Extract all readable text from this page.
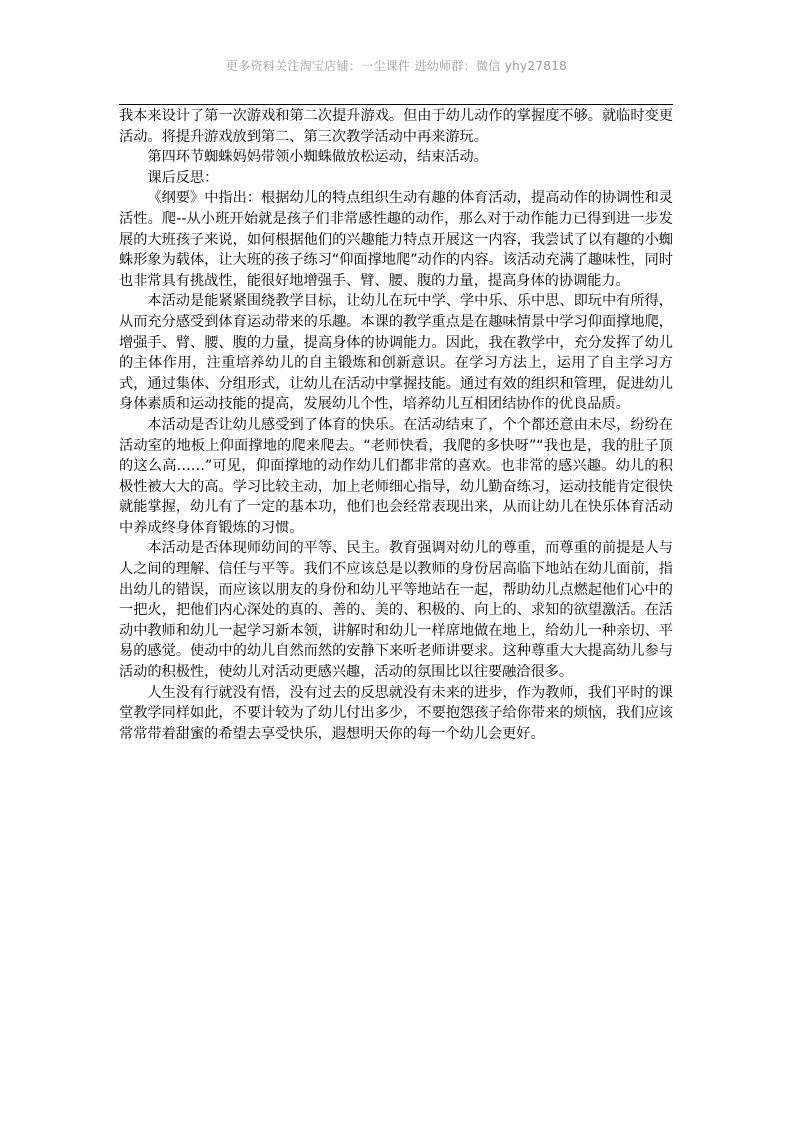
更多资料关注淘宝店铺：一尘课件 进幼师群：微信 yhy27818

我本来设计了第一次游戏和第二次提升游戏。但由于幼儿动作的掌握度不够。就临时变更活动。将提升游戏放到第二、第三次教学活动中再来游玩。

第四环节蜘蛛妈妈带领小蜘蛛做放松运动，结束活动。

课后反思：

《纲要》中指出：根据幼儿的特点组织生动有趣的体育活动，提高动作的协调性和灵活性。爬--从小班开始就是孩子们非常感性趣的动作，那么对于动作能力已得到进一步发展的大班孩子来说，如何根据他们的兴趣能力特点开展这一内容，我尝试了以有趣的小蜘蛛形象为载体，让大班的孩子练习“仰面撑地爬”动作的内容。该活动充满了趣味性，同时也非常具有挑战性，能很好地增强手、臂、腰、腹的力量，提高身体的协调能力。

本活动是能紧紧围绕教学目标，让幼儿在玩中学、学中乐、乐中思、即玩中有所得，从而充分感受到体育运动带来的乐趣。本课的教学重点是在趣味情景中学习仰面撑地爬，增强手、臂、腰、腹的力量，提高身体的协调能力。因此，我在教学中，充分发挥了幼儿的主体作用，注重培养幼儿的自主锻炼和创新意识。在学习方法上，运用了自主学习方式，通过集体、分组形式，让幼儿在活动中掌握技能。通过有效的组织和管理，促进幼儿身体素质和运动技能的提高，发展幼儿个性，培养幼儿互相团结协作的优良品质。

本活动是否让幼儿感受到了体育的快乐。在活动结束了，个个都还意由未尽，纷纷在活动室的地板上仰面撑地的爬来爬去。“老师快看，我爬的多快呀”“我也是，我的肚子顶的这么高……”可见，仰面撑地的动作幼儿们都非常的喜欢。也非常的感兴趣。幼儿的积极性被大大的高。学习比较主动，加上老师细心指导，幼儿勤奋练习，运动技能肯定很快就能掌握，幼儿有了一定的基本功，他们也会经常表现出来，从而让幼儿在快乐体育活动中养成终身体育锻炼的习惯。

本活动是否体现师幼间的平等、民主。教育强调对幼儿的尊重，而尊重的前提是人与人之间的理解、信任与平等。我们不应该总是以教师的身份居高临下地站在幼儿面前，指出幼儿的错误，而应该以朋友的身份和幼儿平等地站在一起，帮助幼儿点燃起他们心中的一把火，把他们内心深处的真的、善的、美的、积极的、向上的、求知的欲望激活。在活动中教师和幼儿一起学习新本领，讲解时和幼儿一样席地做在地上，给幼儿一种亲切、平易的感觉。使动中的幼儿自然而然的安静下来听老师讲要求。这种尊重大大提高幼儿参与活动的积极性，使幼儿对活动更感兴趣，活动的氛围比以往要融洽很多。

人生没有行就没有悟，没有过去的反思就没有未来的进步，作为教师，我们平时的课堂教学同样如此，不要计较为了幼儿付出多少，不要抱怨孩子给你带来的烦恼，我们应该常常带着甜蜜的希望去享受快乐，遐想明天你的每一个幼儿会更好。
